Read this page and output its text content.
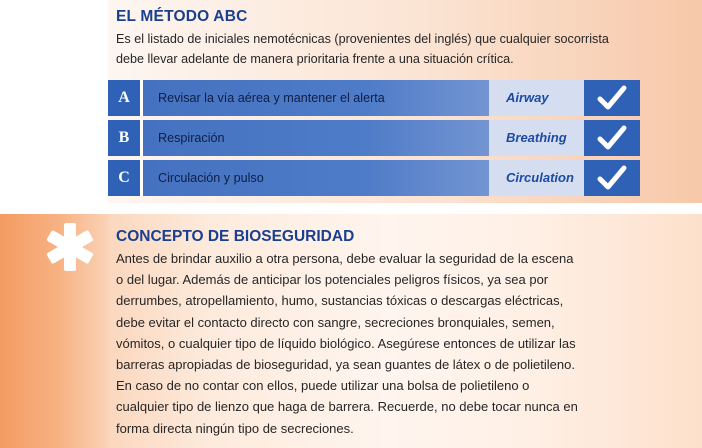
EL MÉTODO ABC

Es el listado de iniciales nemotécnicas (provenientes del inglés) que cualquier socorrista
debe llevar adelante de manera prioritaria frente a una situación crítica.

A	Revisar la vía aérea y mantener el alerta	Airway
B	Respiración	Breathing
C	Circulación y pulso	Circulation
CONCEPTO DE BIOSEGURIDAD

Antes de brindar auxilio a otra persona, debe evaluar la seguridad de la escena
o del lugar. Además de anticipar los potenciales peligros físicos, ya sea por
derrumbes, atropellamiento, humo, sustancias tóxicas o descargas eléctricas,
debe evitar el contacto directo con sangre, secreciones bronquiales, semen,
vómitos, o cualquier tipo de líquido biológico. Asegúrese entonces de utilizar las
barreras apropiadas de bioseguridad, ya sean guantes de látex o de polietileno.
En caso de no contar con ellos, puede utilizar una bolsa de polietileno o
cualquier tipo de lienzo que haga de barrera. Recuerde, no debe tocar nunca en
forma directa ningún tipo de secreciones.
